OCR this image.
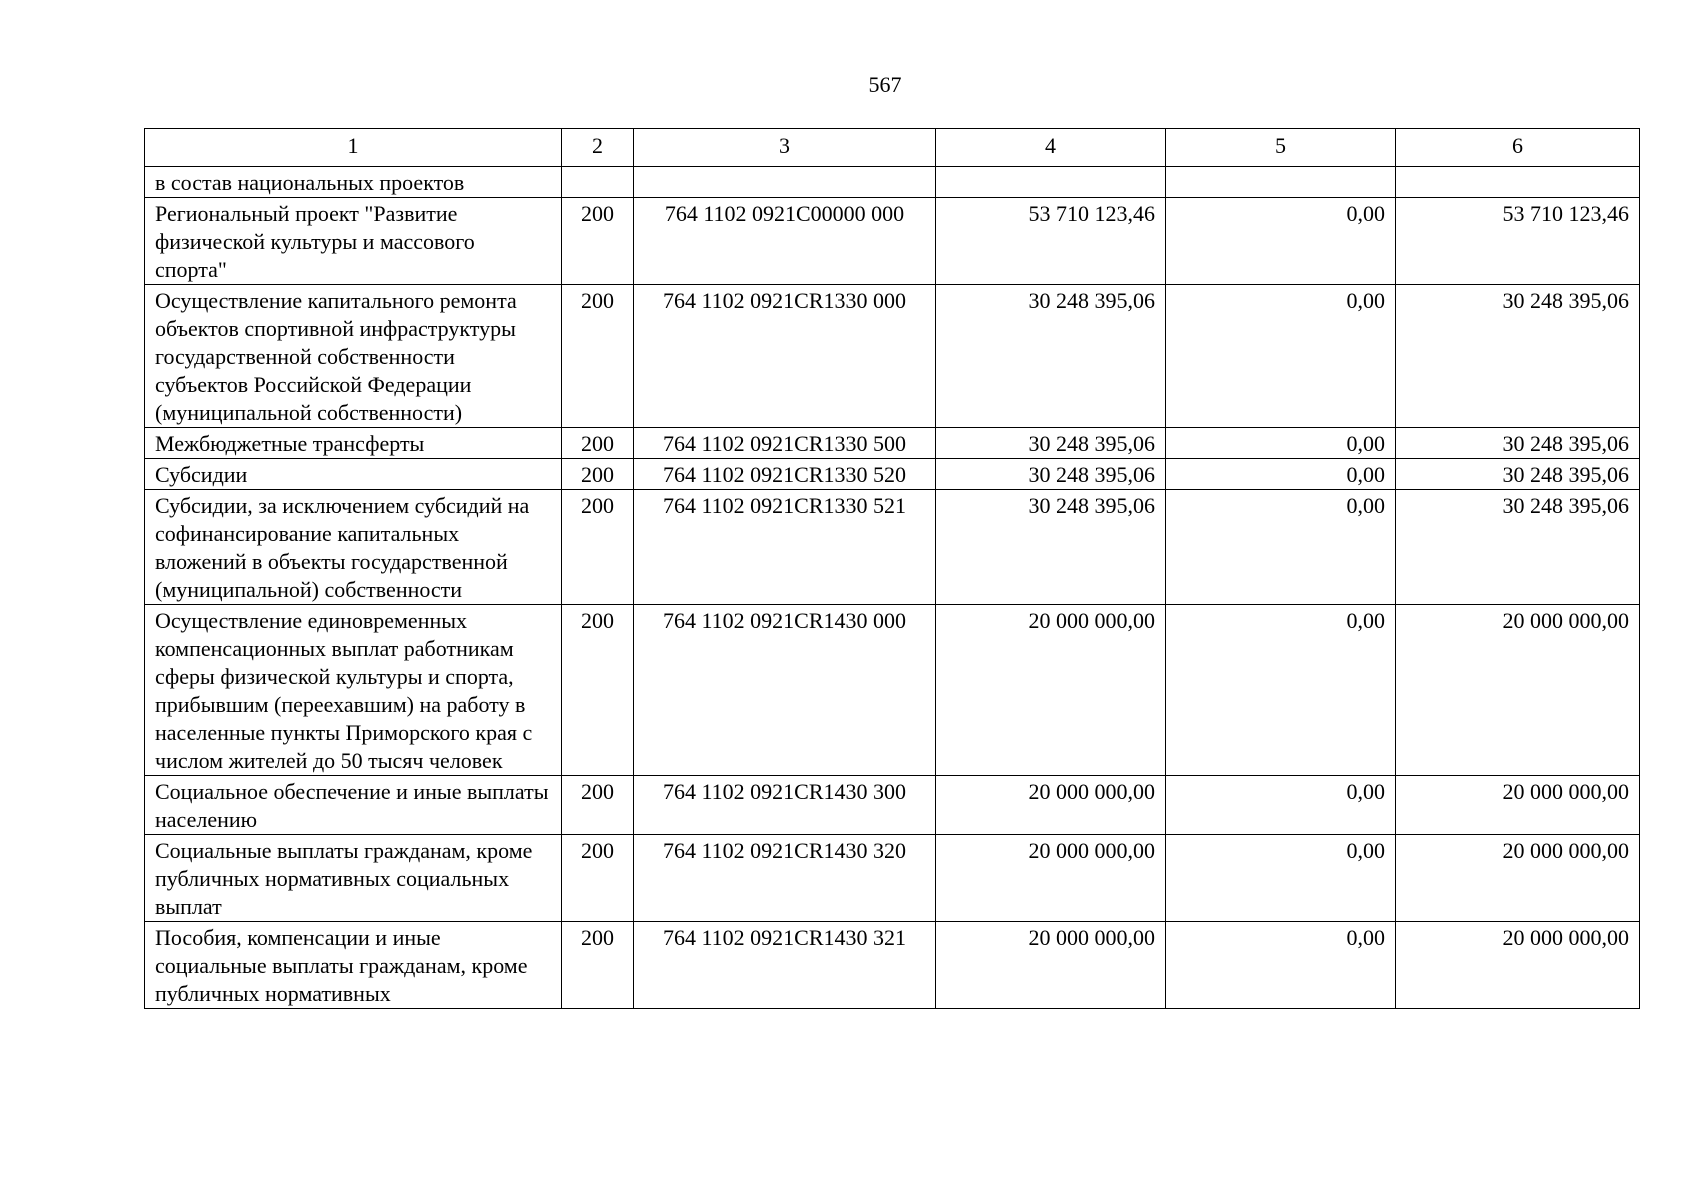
567
1	2	3	4	5	6
в состав национальных проектов					
Региональный проект "Развитие физической культуры и массового спорта"	200	764 1102 0921C00000 000	53 710 123,46	0,00	53 710 123,46
Осуществление капитального ремонта объектов спортивной инфраструктуры государственной собственности субъектов Российской Федерации (муниципальной собственности)	200	764 1102 0921CR1330 000	30 248 395,06	0,00	30 248 395,06
Межбюджетные трансферты	200	764 1102 0921CR1330 500	30 248 395,06	0,00	30 248 395,06
Субсидии	200	764 1102 0921CR1330 520	30 248 395,06	0,00	30 248 395,06
Субсидии, за исключением субсидий на софинансирование капитальных вложений в объекты государственной (муниципальной) собственности	200	764 1102 0921CR1330 521	30 248 395,06	0,00	30 248 395,06
Осуществление единовременных компенсационных выплат работникам сферы физической культуры и спорта, прибывшим (переехавшим) на работу в населенные пункты Приморского края с числом жителей до 50 тысяч человек	200	764 1102 0921CR1430 000	20 000 000,00	0,00	20 000 000,00
Социальное обеспечение и иные выплаты населению	200	764 1102 0921CR1430 300	20 000 000,00	0,00	20 000 000,00
Социальные выплаты гражданам, кроме публичных нормативных социальных выплат	200	764 1102 0921CR1430 320	20 000 000,00	0,00	20 000 000,00
Пособия, компенсации и иные социальные выплаты гражданам, кроме публичных нормативных	200	764 1102 0921CR1430 321	20 000 000,00	0,00	20 000 000,00
